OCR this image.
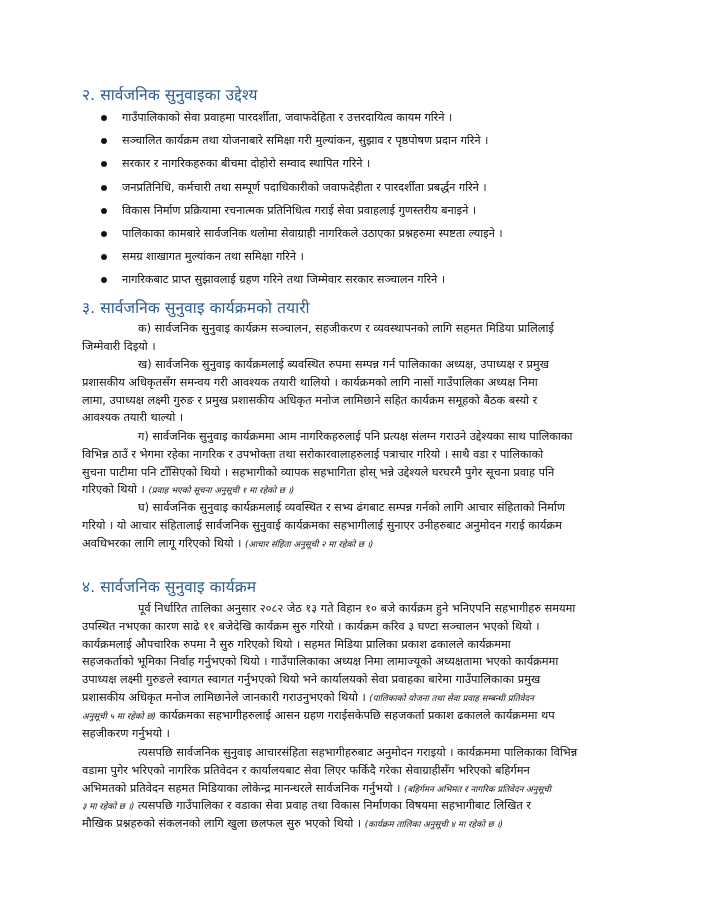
२. सार्वजनिक सुनुवाइका उद्देश्य
गाउँपालिकाको सेवा प्रवाहमा पारदर्शीता, जवाफदेहिता र उत्तरदायित्व कायम गरिने ।
सञ्चालित कार्यक्रम तथा योजनाबारे समिक्षा गरी मुल्यांकन, सुझाव र पृष्ठपोषण प्रदान गरिने ।
सरकार र नागरिकहरुका बीचमा दोहोरो सम्वाद स्थापित गरिने ।
जनप्रतिनिधि, कर्मचारी तथा सम्पूर्ण पदाधिकारीको जवाफदेहीता र पारदर्शीता प्रबर्द्धन गरिने ।
विकास निर्माण प्रक्रियामा रचनात्मक प्रतिनिधित्व गराई सेवा प्रवाहलाई गुणस्तरीय बनाइने ।
पालिकाका कामबारे सार्वजनिक थलोमा सेवाग्राही नागरिकले उठाएका प्रश्नहरुमा स्पष्टता ल्याइने ।
समग्र शाखागत मुल्यांकन तथा समिक्षा गरिने ।
नागरिकबाट प्राप्त सुझावलाई ग्रहण गरिने तथा जिम्मेवार सरकार सञ्चालन गरिने ।
३. सार्वजनिक सुनुवाइ कार्यक्रमको तयारी
क) सार्वजनिक सुनुवाइ कार्यक्रम सञ्चालन, सहजीकरण र व्यवस्थापनको लागि सहमत मिडिया प्रालिलाई
जिम्मेवारी दिइयो ।
ख) सार्वजनिक सुनुवाइ कार्यक्रमलाई ब्यवस्थित रुपमा सम्पन्न गर्न पालिकाका अध्यक्ष, उपाध्यक्ष र प्रमुख
प्रशासकीय अधिकृतसँग समन्वय गरी आवश्यक तयारी थालियो । कार्यक्रमको लागि नासों गाउँपालिका अध्यक्ष निमा
लामा, उपाध्यक्ष लक्ष्मी गुरुङ र प्रमुख प्रशासकीय अधिकृत मनोज लामिछाने सहित कार्यक्रम समूहको बैठक बस्यो र
आवश्यक तयारी थाल्यो ।
ग) सार्वजनिक सुनुवाइ कार्यक्रममा आम नागरिकहरुलाई पनि प्रत्यक्ष संलग्न गराउने उद्देश्यका साथ पालिकाका
विभिन्न ठाउँ र भेगमा रहेका नागरिक र उपभोक्ता तथा सरोकारवालाहरुलाई पत्राचार गरियो । साथै वडा र पालिकाको
सुचना पाटीमा पनि टाँसिएको थियो । सहभागीको व्यापक सहभागिता होस् भन्ने उद्देश्यले घरघरमै पुगेर सूचना प्रवाह पनि
गरिएको थियो । (प्रवाह भएको सूचना अनुसूची १ मा रहेको छ ।)
घ) सार्वजनिक सुनुवाइ कार्यक्रमलाई व्यवस्थित र सभ्य ढंगबाट सम्पन्न गर्नको लागि आचार संहिताको निर्माण
गरियो । यो आचार संहितालाई सार्वजनिक सुनुवाई कार्यक्रमका सहभागीलाई सुनाएर उनीहरुबाट अनुमोदन गराई कार्यक्रम
अवधिभरका लागि लागू गरिएको थियो । (आचार संहिता अनुसूची २ मा रहेको छ ।)
४. सार्वजनिक सुनुवाइ कार्यक्रम
पूर्व निर्धारित तालिका अनुसार २०८२ जेठ १३ गते विहान १० बजे कार्यक्रम हुने भनिएपनि सहभागीहरु समयमा
उपस्थित नभएका कारण साढे ११ बजेदेखि कार्यक्रम सुरु गरियो । कार्यक्रम करिव ३ घण्टा सञ्चालन भएको थियो ।
कार्यक्रमलाई औपचारिक रुपमा नै सुरु गरिएको थियो । सहमत मिडिया प्रालिका प्रकाश ढकालले कार्यक्रममा
सहजकर्ताको भूमिका निर्वाह गर्नुभएको थियो । गाउँपालिकाका अध्यक्ष निमा लामाज्यूको अध्यक्षतामा भएको कार्यक्रममा
उपाध्यक्ष लक्ष्मी गुरुङले स्वागत स्वागत गर्नुभएको थियो भने कार्यालयको सेवा प्रवाहका बारेमा गाउँपालिकाका प्रमुख
प्रशासकीय अधिकृत मनोज लामिछानेले जानकारी गराउनुभएको थियो । (पालिकाको योजना तथा सेवा प्रवाह सम्बन्धी प्रतिवेदन
अनुसूची ५ मा रहेको छ) कार्यक्रमका सहभागीहरुलाई आसन ग्रहण गराईसकेपछि सहजकर्ता प्रकाश ढकालले कार्यक्रममा थप
सहजीकरण गर्नुभयो ।
त्यसपछि सार्वजनिक सुनुवाइ आचारसंहिता सहभागीहरुबाट अनुमोदन गराइयो । कार्यक्रममा पालिकाका विभिन्न
वडामा पुगेर भरिएको नागरिक प्रतिवेदन र कार्यालयबाट सेवा लिएर फर्किदै गरेका सेवाग्राहीसँग भरिएको बहिर्गमन
अभिमतको प्रतिवेदन सहमत मिडियाका लोकेन्द्र मानन्धरले सार्वजनिक गर्नुभयो । (बहिर्गमन अभिमत र नागरिक प्रतिवेदन अनुसूची
३ मा रहेको छ ।) त्यसपछि गाउँपालिका र वडाका सेवा प्रवाह तथा विकास निर्माणका विषयमा सहभागीबाट लिखित र
मौखिक प्रश्नहरुको संकलनको लागि खुला छलफल सुरु भएको थियो । (कार्यक्रम तालिका अनुसूची ४ मा रहेको छ ।)
